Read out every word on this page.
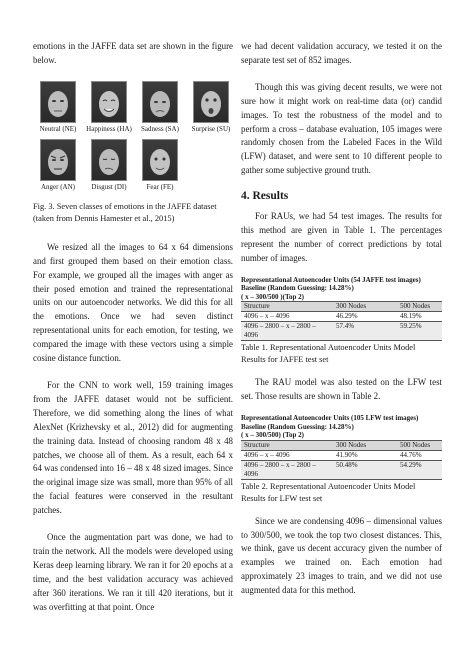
emotions in the JAFFE data set are shown in the figure below.

Neutral (NE)	Happiness (HA)	Sadness (SA)	Surprise (SU)
Anger (AN)	Disgust (DI)	Fear (FE)
Fig. 3. Seven classes of emotions in the JAFFE dataset (taken from Dennis Hamester et al., 2015)

We resized all the images to 64 x 64 dimensions and first grouped them based on their emotion class. For example, we grouped all the images with anger as their posed emotion and trained the representational units on our autoencoder networks. We did this for all the emotions. Once we had seven distinct representational units for each emotion, for testing, we compared the image with these vectors using a simple cosine distance function.

For the CNN to work well, 159 training images from the JAFFE dataset would not be sufficient. Therefore, we did something along the lines of what AlexNet (Krizhevsky et al., 2012) did for augmenting the training data. Instead of choosing random 48 x 48 patches, we choose all of them. As a result, each 64 x 64 was condensed into 16 – 48 x 48 sized images. Since the original image size was small, more than 95% of all the facial features were conserved in the resultant patches.

Once the augmentation part was done, we had to train the network. All the models were developed using Keras deep learning library. We ran it for 20 epochs at a time, and the best validation accuracy was achieved after 360 iterations. We ran it till 420 iterations, but it was overfitting at that point. Once

we had decent validation accuracy, we tested it on the separate test set of 852 images.

Though this was giving decent results, we were not sure how it might work on real-time data (or) candid images. To test the robustness of the model and to perform a cross – database evaluation, 105 images were randomly chosen from the Labeled Faces in the Wild (LFW) dataset, and were sent to 10 different people to gather some subjective ground truth.

4. Results

For RAUs, we had 54 test images. The results for this method are given in Table 1. The percentages represent the number of correct predictions by total number of images.

Representational Autoencoder Units (54 JAFFE test images)
Baseline (Random Guessing: 14.28%)
( x – 300/500 )(Top 2)
Structure	300 Nodes	500 Nodes
4096 – x – 4096	46.29%	48.19%
4096 – 2800 – x – 2800 – 4096	57.4%	59.25%
Table 1. Representational Autoencoder Units Model Results for JAFFE test set

The RAU model was also tested on the LFW test set. Those results are shown in Table 2.

Representational Autoencoder Units (105 LFW test images)
Baseline (Random Guessing: 14.28%)
( x – 300/500) (Top 2)
Structure	300 Nodes	500 Nodes
4096 – x – 4096	41.90%	44.76%
4096 – 2800 – x – 2800 – 4096	50.48%	54.29%
Table 2. Representational Autoencoder Units Model Results for LFW test set

Since we are condensing 4096 – dimensional values to 300/500, we took the top two closest distances. This, we think, gave us decent accuracy given the number of examples we trained on. Each emotion had approximately 23 images to train, and we did not use augmented data for this method.
